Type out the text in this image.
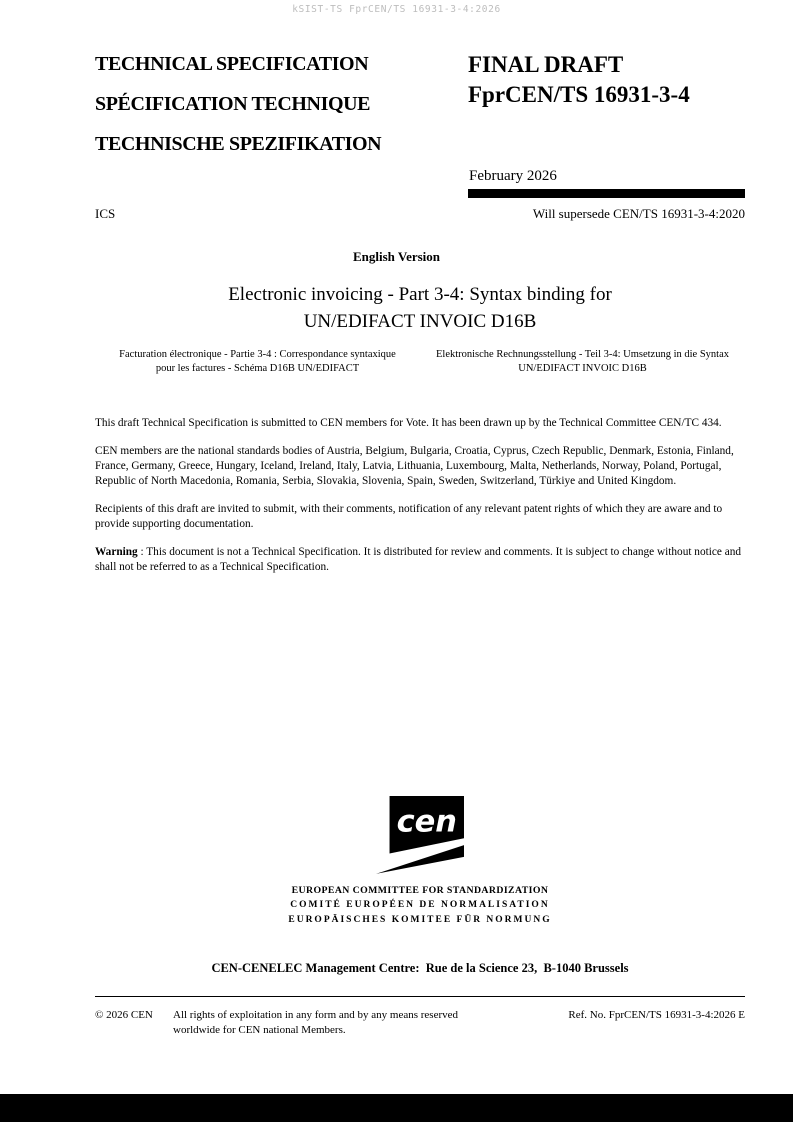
kSIST-TS FprCEN/TS 16931-3-4:2026
TECHNICAL SPECIFICATION
SPÉCIFICATION TECHNIQUE
TECHNISCHE SPEZIFIKATION
FINAL DRAFT
FprCEN/TS 16931-3-4
February 2026
ICS	Will supersede CEN/TS 16931-3-4:2020
English Version
Electronic invoicing - Part 3-4: Syntax binding for
UN/EDIFACT INVOIC D16B
Facturation électronique - Partie 3-4 : Correspondance syntaxique pour les factures - Schéma D16B UN/EDIFACT
Elektronische Rechnungsstellung - Teil 3-4: Umsetzung in die Syntax UN/EDIFACT INVOIC D16B

This draft Technical Specification is submitted to CEN members for Vote. It has been drawn up by the Technical Committee CEN/TC 434.

CEN members are the national standards bodies of Austria, Belgium, Bulgaria, Croatia, Cyprus, Czech Republic, Denmark, Estonia, Finland, France, Germany, Greece, Hungary, Iceland, Ireland, Italy, Latvia, Lithuania, Luxembourg, Malta, Netherlands, Norway, Poland, Portugal, Republic of North Macedonia, Romania, Serbia, Slovakia, Slovenia, Spain, Sweden, Switzerland, Türkiye and United Kingdom.

Recipients of this draft are invited to submit, with their comments, notification of any relevant patent rights of which they are aware and to provide supporting documentation.

Warning : This document is not a Technical Specification. It is distributed for review and comments. It is subject to change without notice and shall not be referred to as a Technical Specification.

cen
EUROPEAN COMMITTEE FOR STANDARDIZATION
COMITÉ EUROPÉEN DE NORMALISATION
EUROPÄISCHES KOMITEE FÜR NORMUNG
CEN-CENELEC Management Centre:  Rue de la Science 23,  B-1040 Brussels
© 2026 CEN	All rights of exploitation in any form and by any means reserved
worldwide for CEN national Members.
Ref. No. FprCEN/TS 16931-3-4:2026 E
